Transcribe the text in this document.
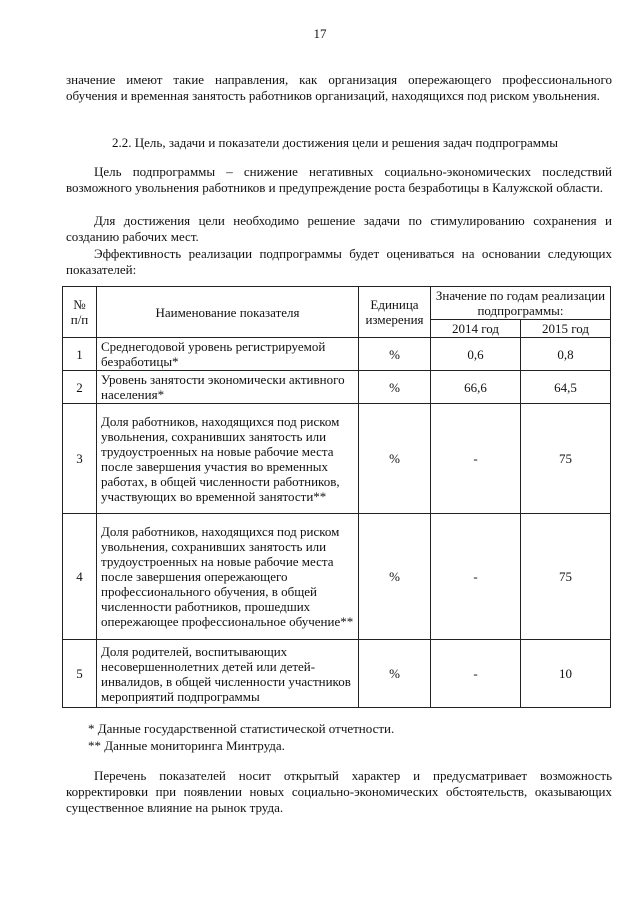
17

значение имеют такие направления, как организация опережающего профессионального обучения и временная занятость работников организаций, находящихся под риском увольнения.

2.2. Цель, задачи и показатели достижения цели и решения задач подпрограммы

Цель подпрограммы – снижение негативных социально-экономических последствий возможного увольнения работников и предупреждение роста безработицы в Калужской области.

Для достижения цели необходимо решение задачи по стимулированию сохранения и созданию рабочих мест.

Эффективность реализации подпрограммы будет оцениваться на основании следующих показателей:

№ п/п	Наименование показателя	Единица измерения	Значение по годам реализации подпрограммы:	
			2014 год	2015 год
1	Среднегодовой уровень регистрируемой безработицы*	%	0,6	0,8
2	Уровень занятости экономически активного населения*	%	66,6	64,5
3	Доля работников, находящихся под риском увольнения, сохранивших занятость или трудоустроенных на новые рабочие места после завершения участия во временных работах, в общей численности работников, участвующих во временной занятости**	%	-	75
4	Доля работников, находящихся под риском увольнения, сохранивших занятость или трудоустроенных на новые рабочие места после завершения опережающего профессионального обучения, в общей численности работников, прошедших опережающее профессиональное обучение**	%	-	75
5	Доля родителей, воспитывающих несовершеннолетних детей или детей-инвалидов, в общей численности участников мероприятий подпрограммы	%	-	10
* Данные государственной статистической отчетности.
** Данные мониторинга Минтруда.

Перечень показателей носит открытый характер и предусматривает возможность корректировки при появлении новых социально-экономических обстоятельств, оказывающих существенное влияние на рынок труда.
